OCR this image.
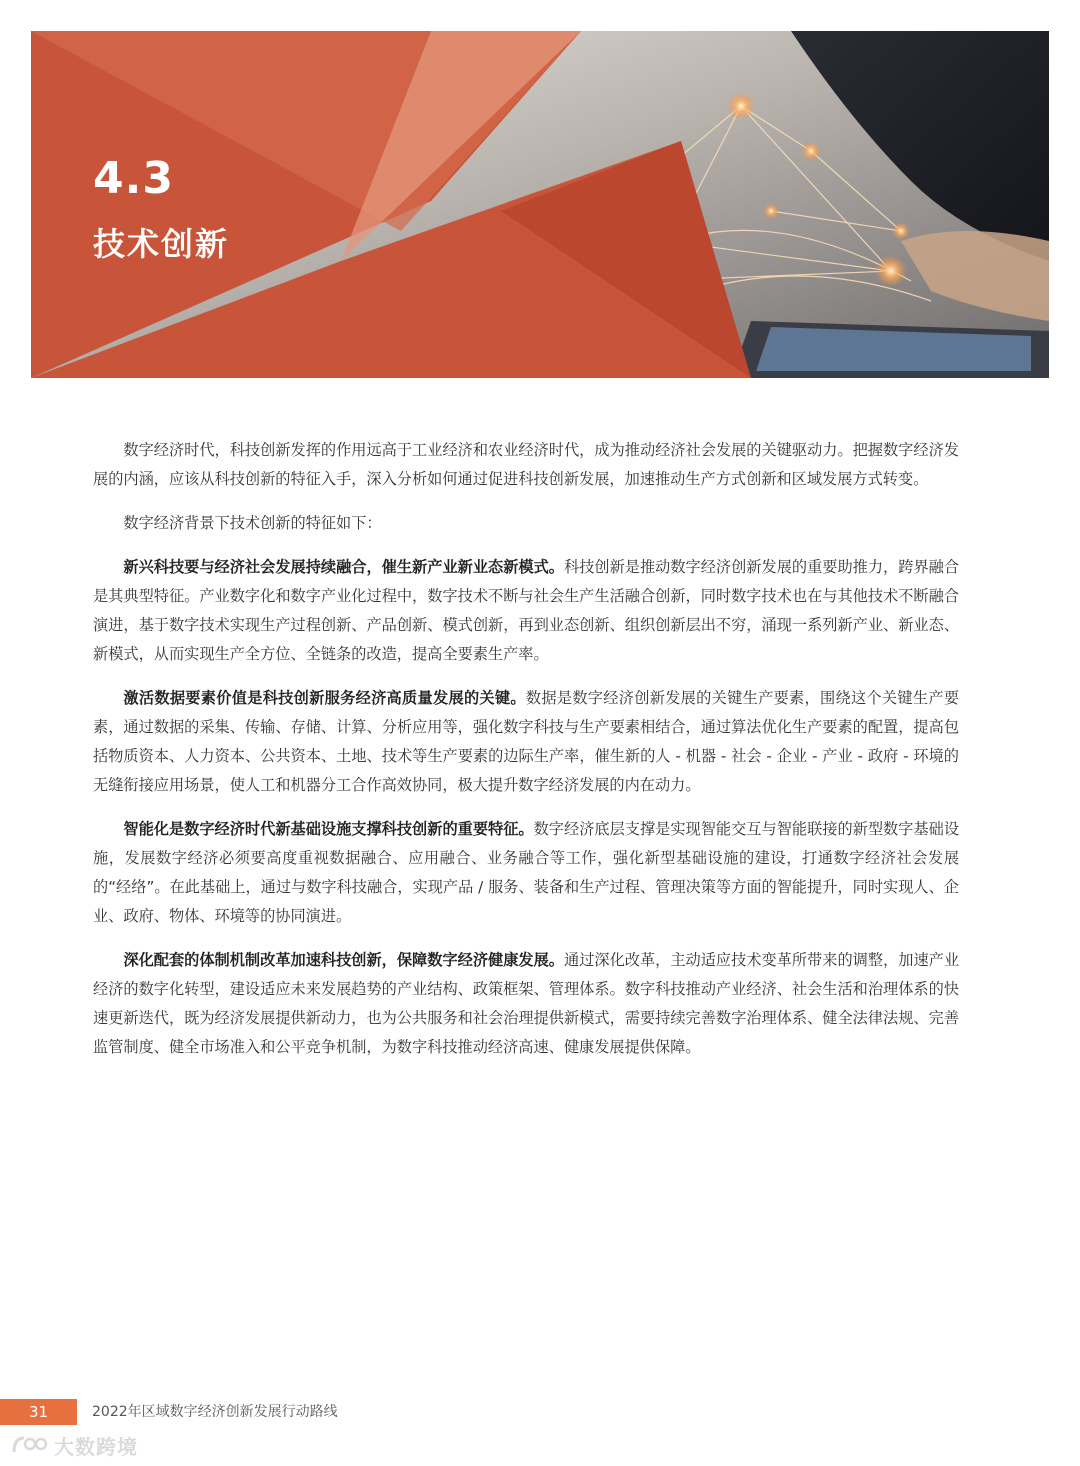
4.3
技术创新

数字经济时代，科技创新发挥的作用远高于工业经济和农业经济时代，成为推动经济社会发展的关键驱动力。把握数字经济发展的内涵，应该从科技创新的特征入手，深入分析如何通过促进科技创新发展，加速推动生产方式创新和区域发展方式转变。

数字经济背景下技术创新的特征如下：

新兴科技要与经济社会发展持续融合，催生新产业新业态新模式。科技创新是推动数字经济创新发展的重要助推力，跨界融合是其典型特征。产业数字化和数字产业化过程中，数字技术不断与社会生产生活融合创新，同时数字技术也在与其他技术不断融合演进，基于数字技术实现生产过程创新、产品创新、模式创新，再到业态创新、组织创新层出不穷，涌现一系列新产业、新业态、新模式，从而实现生产全方位、全链条的改造，提高全要素生产率。

激活数据要素价值是科技创新服务经济高质量发展的关键。数据是数字经济创新发展的关键生产要素，围绕这个关键生产要素，通过数据的采集、传输、存储、计算、分析应用等，强化数字科技与生产要素相结合，通过算法优化生产要素的配置，提高包括物质资本、人力资本、公共资本、土地、技术等生产要素的边际生产率，催生新的人 - 机器 - 社会 - 企业 - 产业 - 政府 - 环境的无缝衔接应用场景，使人工和机器分工合作高效协同，极大提升数字经济发展的内在动力。

智能化是数字经济时代新基础设施支撑科技创新的重要特征。数字经济底层支撑是实现智能交互与智能联接的新型数字基础设施，发展数字经济必须要高度重视数据融合、应用融合、业务融合等工作，强化新型基础设施的建设，打通数字经济社会发展的“经络”。在此基础上，通过与数字科技融合，实现产品 / 服务、装备和生产过程、管理决策等方面的智能提升，同时实现人、企业、政府、物体、环境等的协同演进。

深化配套的体制机制改革加速科技创新，保障数字经济健康发展。通过深化改革，主动适应技术变革所带来的调整，加速产业经济的数字化转型，建设适应未来发展趋势的产业结构、政策框架、管理体系。数字科技推动产业经济、社会生活和治理体系的快速更新迭代，既为经济发展提供新动力，也为公共服务和社会治理提供新模式，需要持续完善数字治理体系、健全法律法规、完善监管制度、健全市场准入和公平竞争机制，为数字科技推动经济高速、健康发展提供保障。

31	2022年区域数字经济创新发展行动路线
大数跨境
